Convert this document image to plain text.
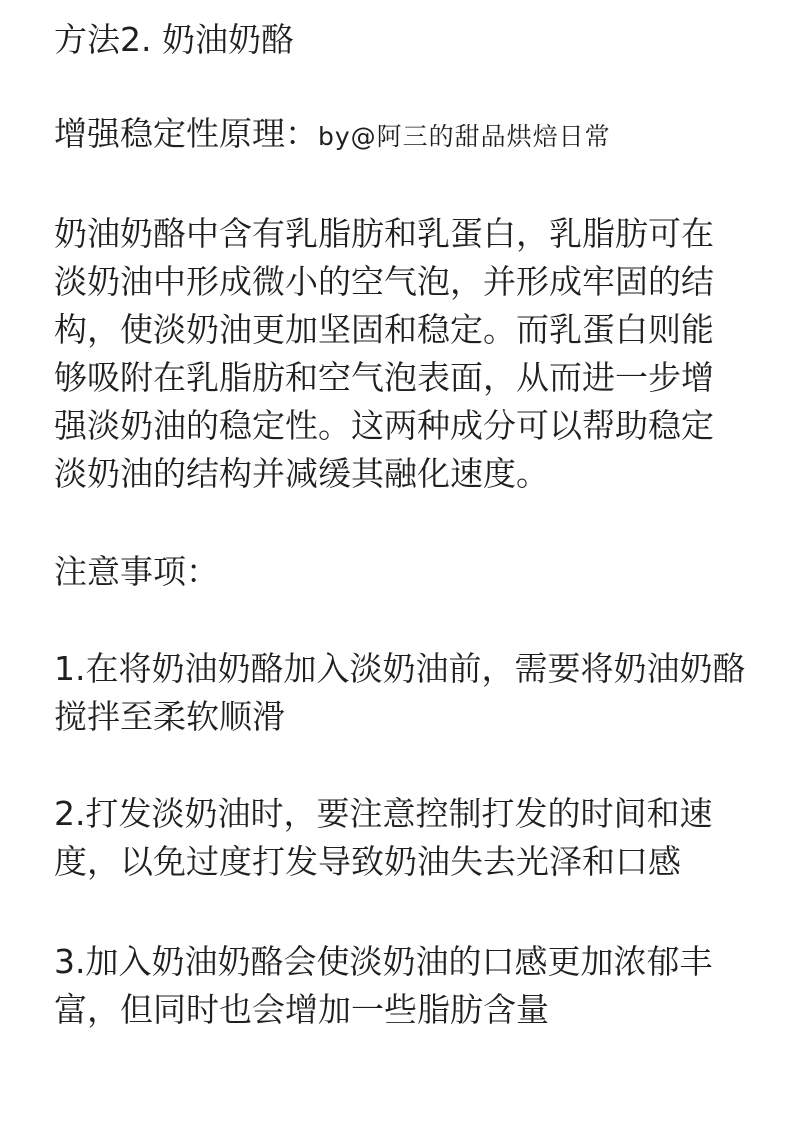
方法2. 奶油奶酪
增强稳定性原理：by@阿三的甜品烘焙日常
奶油奶酪中含有乳脂肪和乳蛋白，乳脂肪可在
淡奶油中形成微小的空气泡，并形成牢固的结
构，使淡奶油更加坚固和稳定。而乳蛋白则能
够吸附在乳脂肪和空气泡表面，从而进一步增
强淡奶油的稳定性。这两种成分可以帮助稳定
淡奶油的结构并减缓其融化速度。
注意事项：
1.在将奶油奶酪加入淡奶油前，需要将奶油奶酪
搅拌至柔软顺滑
2.打发淡奶油时，要注意控制打发的时间和速
度，以免过度打发导致奶油失去光泽和口感
3.加入奶油奶酪会使淡奶油的口感更加浓郁丰
富，但同时也会增加一些脂肪含量
